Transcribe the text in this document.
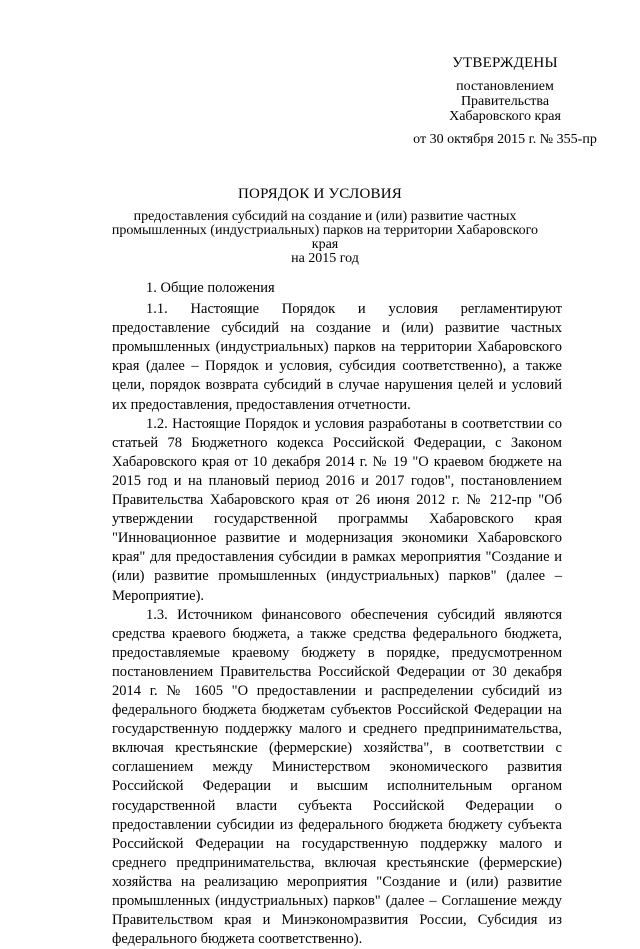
УТВЕРЖДЕНЫ
постановлением
Правительства
Хабаровского края
от 30 октября 2015 г. № 355-пр
ПОРЯДОК И УСЛОВИЯ
предоставления субсидий на создание и (или) развитие частных
промышленных (индустриальных) парков на территории Хабаровского края
на 2015 год

1. Общие положения

1.1. Настоящие Порядок и условия регламентируют предоставление субсидий на создание и (или) развитие частных промышленных (индустриальных) парков на территории Хабаровского края (далее – Порядок и условия, субсидия соответственно), а также цели, порядок возврата субсидий в случае нарушения целей и условий их предоставления, предоставления отчетности.

1.2. Настоящие Порядок и условия разработаны в соответствии со статьей 78 Бюджетного кодекса Российской Федерации, с Законом Хабаровского края от 10 декабря 2014 г. № 19 "О краевом бюджете на 2015 год и на плановый период 2016 и 2017 годов", постановлением Правительства Хабаровского края от 26 июня 2012 г. № 212-пр "Об утверждении государственной программы Хабаровского края "Инновационное развитие и модернизация экономики Хабаровского края" для предоставления субсидии в рамках мероприятия "Создание и (или) развитие промышленных (индустриальных) парков" (далее – Мероприятие).

1.3. Источником финансового обеспечения субсидий являются средства краевого бюджета, а также средства федерального бюджета, предоставляемые краевому бюджету в порядке, предусмотренном постановлением Правительства Российской Федерации от 30 декабря 2014 г. № 1605 "О предоставлении и распределении субсидий из федерального бюджета бюджетам субъектов Российской Федерации на государственную поддержку малого и среднего предпринимательства, включая крестьянские (фермерские) хозяйства", в соответствии с соглашением между Министерством экономического развития Российской Федерации и высшим исполнительным органом государственной власти субъекта Российской Федерации о предоставлении субсидии из федерального бюджета бюджету субъекта Российской Федерации на государственную поддержку малого и среднего предпринимательства, включая крестьянские (фермерские) хозяйства на реализацию мероприятия "Создание и (или) развитие промышленных (индустриальных) парков" (далее – Соглашение между Правительством края и Минэкономразвития России, Субсидия из федерального бюджета соответственно).
